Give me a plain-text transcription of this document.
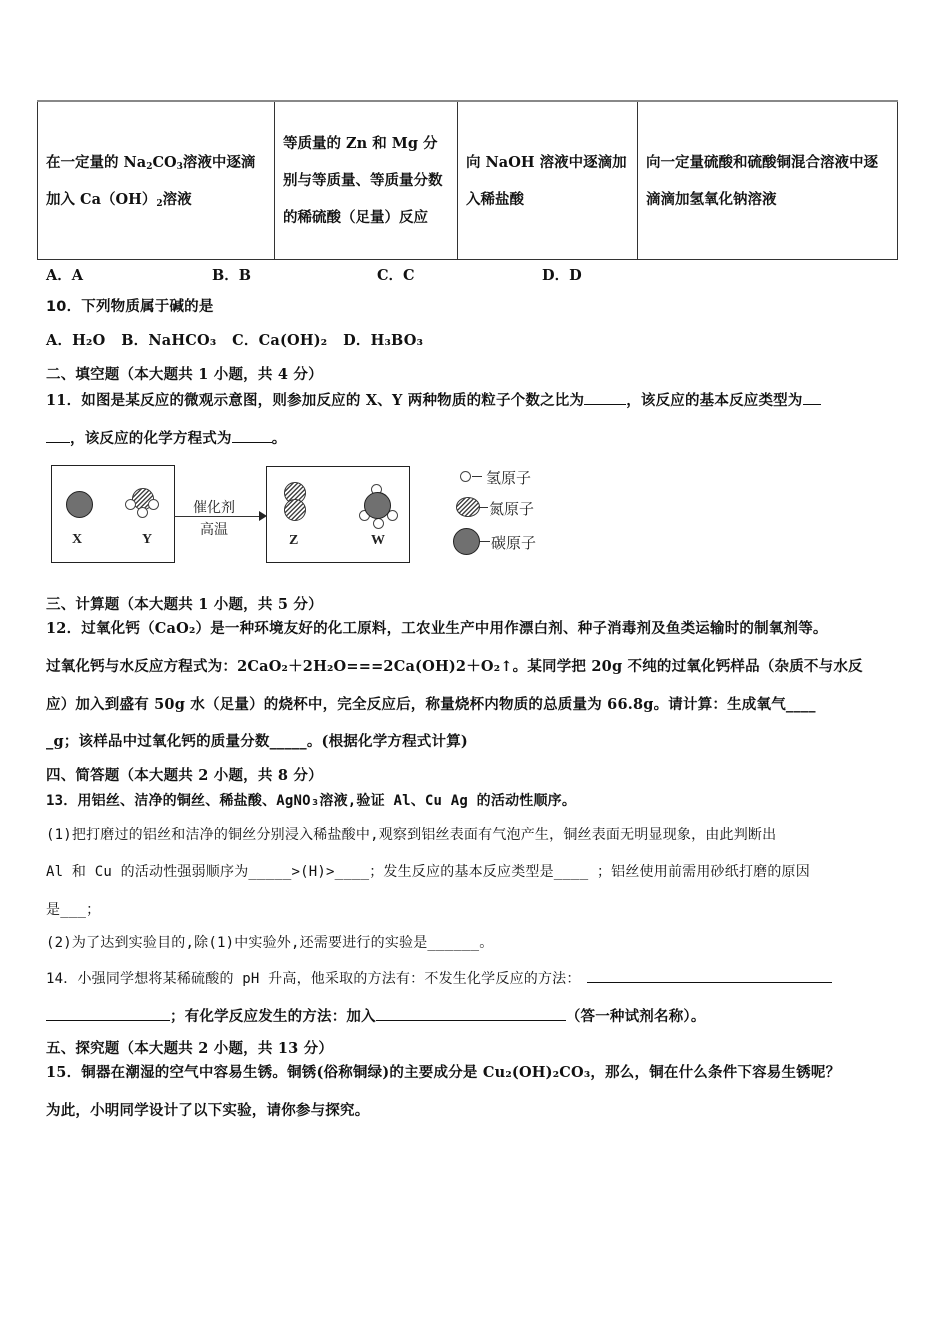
在一定量的 $Na_2CO_3$溶液中逐滴加入 $Ca(OH)_2$溶液	等质量的 Zn 和 Mg 分别与等质量、等质量分数的稀硫酸（足量）反应	向 NaOH 溶液中逐滴加入稀盐酸	向一定量硫酸和硫酸铜混合溶液中逐滴滴加氢氧化钠溶液
A．A	B．B	C．C	D．D
10．下列物质属于碱的是
A．H₂O B．NaHCO₃ C．Ca(OH)₂ D．H₃BO₃
二、填空题（本大题共 1 小题，共 4 分）
11．如图是某反应的微观示意图，则参加反应的 X、Y 两种物质的粒子个数之比为	，该反应的基本反应类型为
，该反应的化学方程式为	。
X	Y
催化剂
高温
Z	W
氢原子
氮原子
碳原子
三、计算题（本大题共 1 小题，共 5 分）
12．过氧化钙（CaO₂）是一种环境友好的化工原料，工农业生产中用作漂白剂、种子消毒剂及鱼类运输时的制氧剂等。
过氧化钙与水反应方程式为：2CaO₂＋2H₂O===2Ca(OH)2＋O₂↑。某同学把 20g 不纯的过氧化钙样品（杂质不与水反
应）加入到盛有 50g 水（足量）的烧杯中，完全反应后，称量烧杯内物质的总质量为 66.8g。请计算：生成氧气____
_g；该样品中过氧化钙的质量分数_____。(根据化学方程式计算)
四、简答题（本大题共 2 小题，共 8 分）
13．用铝丝、洁净的铜丝、稀盐酸、AgNO₃溶液,验证 Al、Cu Ag 的活动性顺序。
(1)把打磨过的铝丝和洁净的铜丝分别浸入稀盐酸中,观察到铝丝表面有气泡产生，铜丝表面无明显现象，由此判断出
Al 和 Cu 的活动性强弱顺序为_____>(H)>____；发生反应的基本反应类型是____ ；铝丝使用前需用砂纸打磨的原因
是___；
(2)为了达到实验目的,除(1)中实验外,还需要进行的实验是______。
14．小强同学想将某稀硫酸的 pH 升高，他采取的方法有：不发生化学反应的方法：
；有化学反应发生的方法：加入	（答一种试剂名称）。
五、探究题（本大题共 2 小题，共 13 分）
15．铜器在潮湿的空气中容易生锈。铜锈(俗称铜绿)的主要成分是 Cu₂(OH)₂CO₃，那么，铜在什么条件下容易生锈呢？
为此，小明同学设计了以下实验，请你参与探究。
